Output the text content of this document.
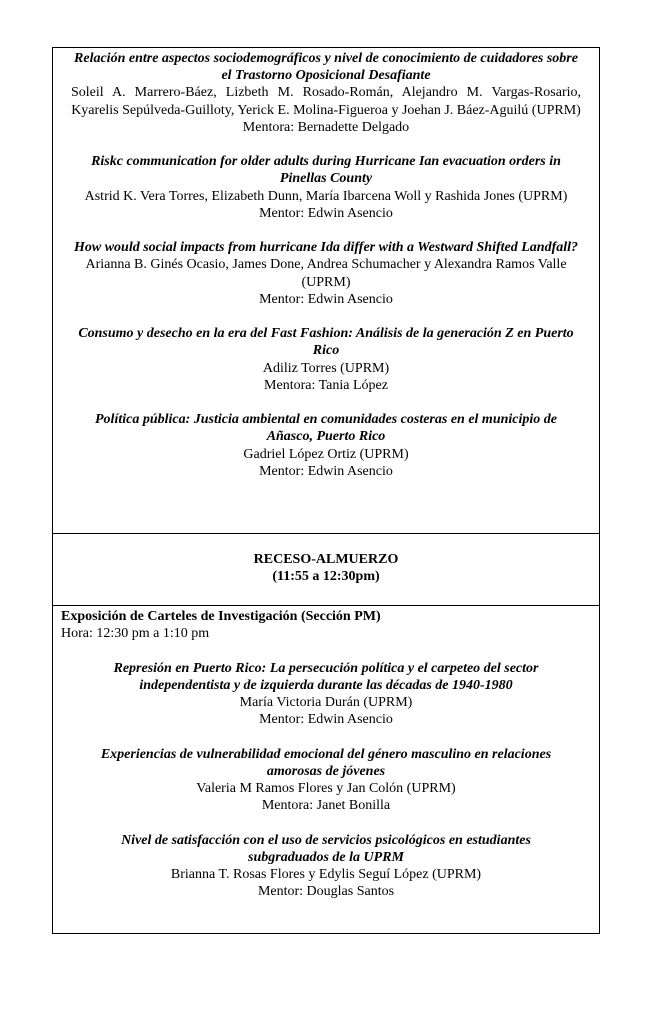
Relación entre aspectos sociodemográficos y nivel de conocimiento de cuidadores sobre el Trastorno Oposicional Desafiante
Soleil A. Marrero-Báez, Lizbeth M. Rosado-Román, Alejandro M. Vargas-Rosario, Kyarelis Sepúlveda-Guilloty, Yerick E. Molina-Figueroa y Joehan J. Báez-Aguilú (UPRM)
Mentora: Bernadette Delgado
Riskc communication for older adults during Hurricane Ian evacuation orders in Pinellas County
Astrid K. Vera Torres, Elizabeth Dunn, María Ibarcena Woll y Rashida Jones (UPRM)
Mentor: Edwin Asencio
How would social impacts from hurricane Ida differ with a Westward Shifted Landfall?
Arianna B. Ginés Ocasio, James Done, Andrea Schumacher y Alexandra Ramos Valle (UPRM)
Mentor: Edwin Asencio
Consumo y desecho en la era del Fast Fashion: Análisis de la generación Z en Puerto Rico
Adiliz Torres (UPRM)
Mentora: Tania López
Política pública: Justicia ambiental en comunidades costeras en el municipio de Añasco, Puerto Rico
Gadriel López Ortiz (UPRM)
Mentor: Edwin Asencio
RECESO-ALMUERZO
(11:55 a 12:30pm)
Exposición de Carteles de Investigación (Sección PM)
Hora: 12:30 pm a 1:10 pm
Represión en Puerto Rico: La persecución política y el carpeteo del sector independentista y de izquierda durante las décadas de 1940-1980
María Victoria Durán (UPRM)
Mentor: Edwin Asencio
Experiencias de vulnerabilidad emocional del género masculino en relaciones amorosas de jóvenes
Valeria M Ramos Flores y Jan Colón (UPRM)
Mentora: Janet Bonilla
Nivel de satisfacción con el uso de servicios psicológicos en estudiantes subgraduados de la UPRM
Brianna T. Rosas Flores y Edylis Seguí López (UPRM)
Mentor: Douglas Santos
